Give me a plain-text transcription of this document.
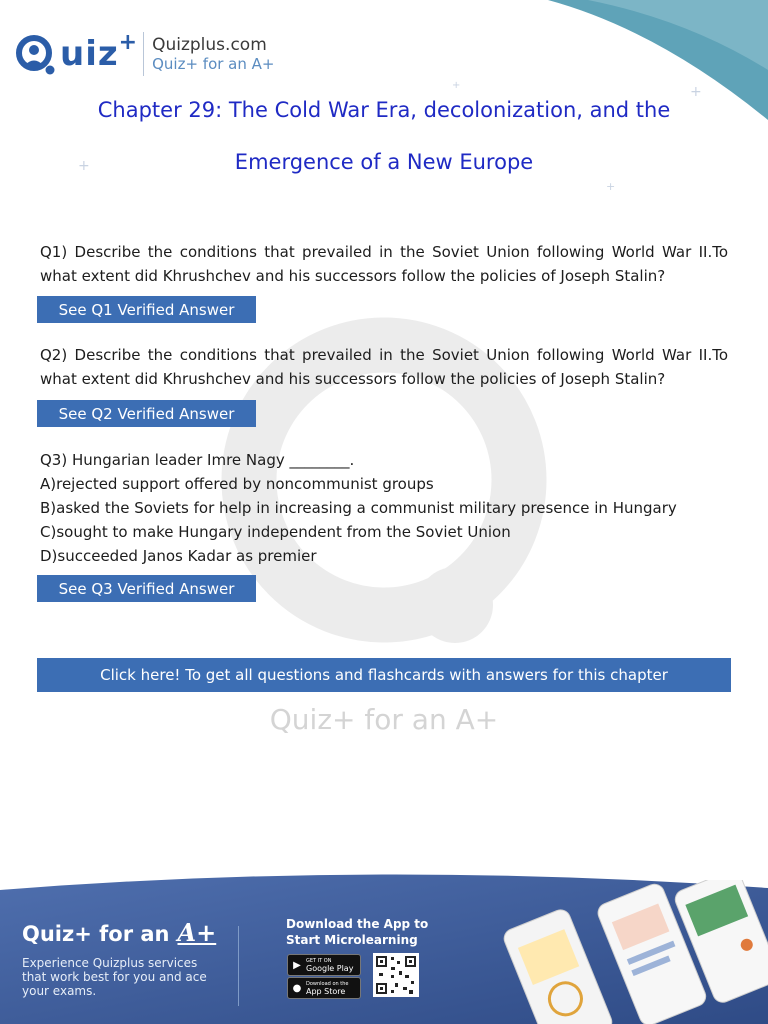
+
+
+
+
uiz + Quizplus.com
Quiz+ for an A+
Chapter 29: The Cold War Era, decolonization, and the
Emergence of a New Europe
Q1) Describe the conditions that prevailed in the Soviet Union following World War II.To what extent did Khrushchev and his successors follow the policies of Joseph Stalin?
See Q1 Verified Answer
Q2) Describe the conditions that prevailed in the Soviet Union following World War II.To what extent did Khrushchev and his successors follow the policies of Joseph Stalin?
See Q2 Verified Answer
Q3) Hungarian leader Imre Nagy ________.
A)rejected support offered by noncommunist groups
B)asked the Soviets for help in increasing a communist military presence in Hungary
C)sought to make Hungary independent from the Soviet Union
D)succeeded Janos Kadar as premier
See Q3 Verified Answer
Click here! To get all questions and flashcards with answers for this chapter
Quiz+ for an A+
Quiz+ for an A+
Experience Quizplus services that work best for you and ace your exams.
Download the App to Start Microlearning
▶	GET IT ON
Google Play
● Download on the
App Store
